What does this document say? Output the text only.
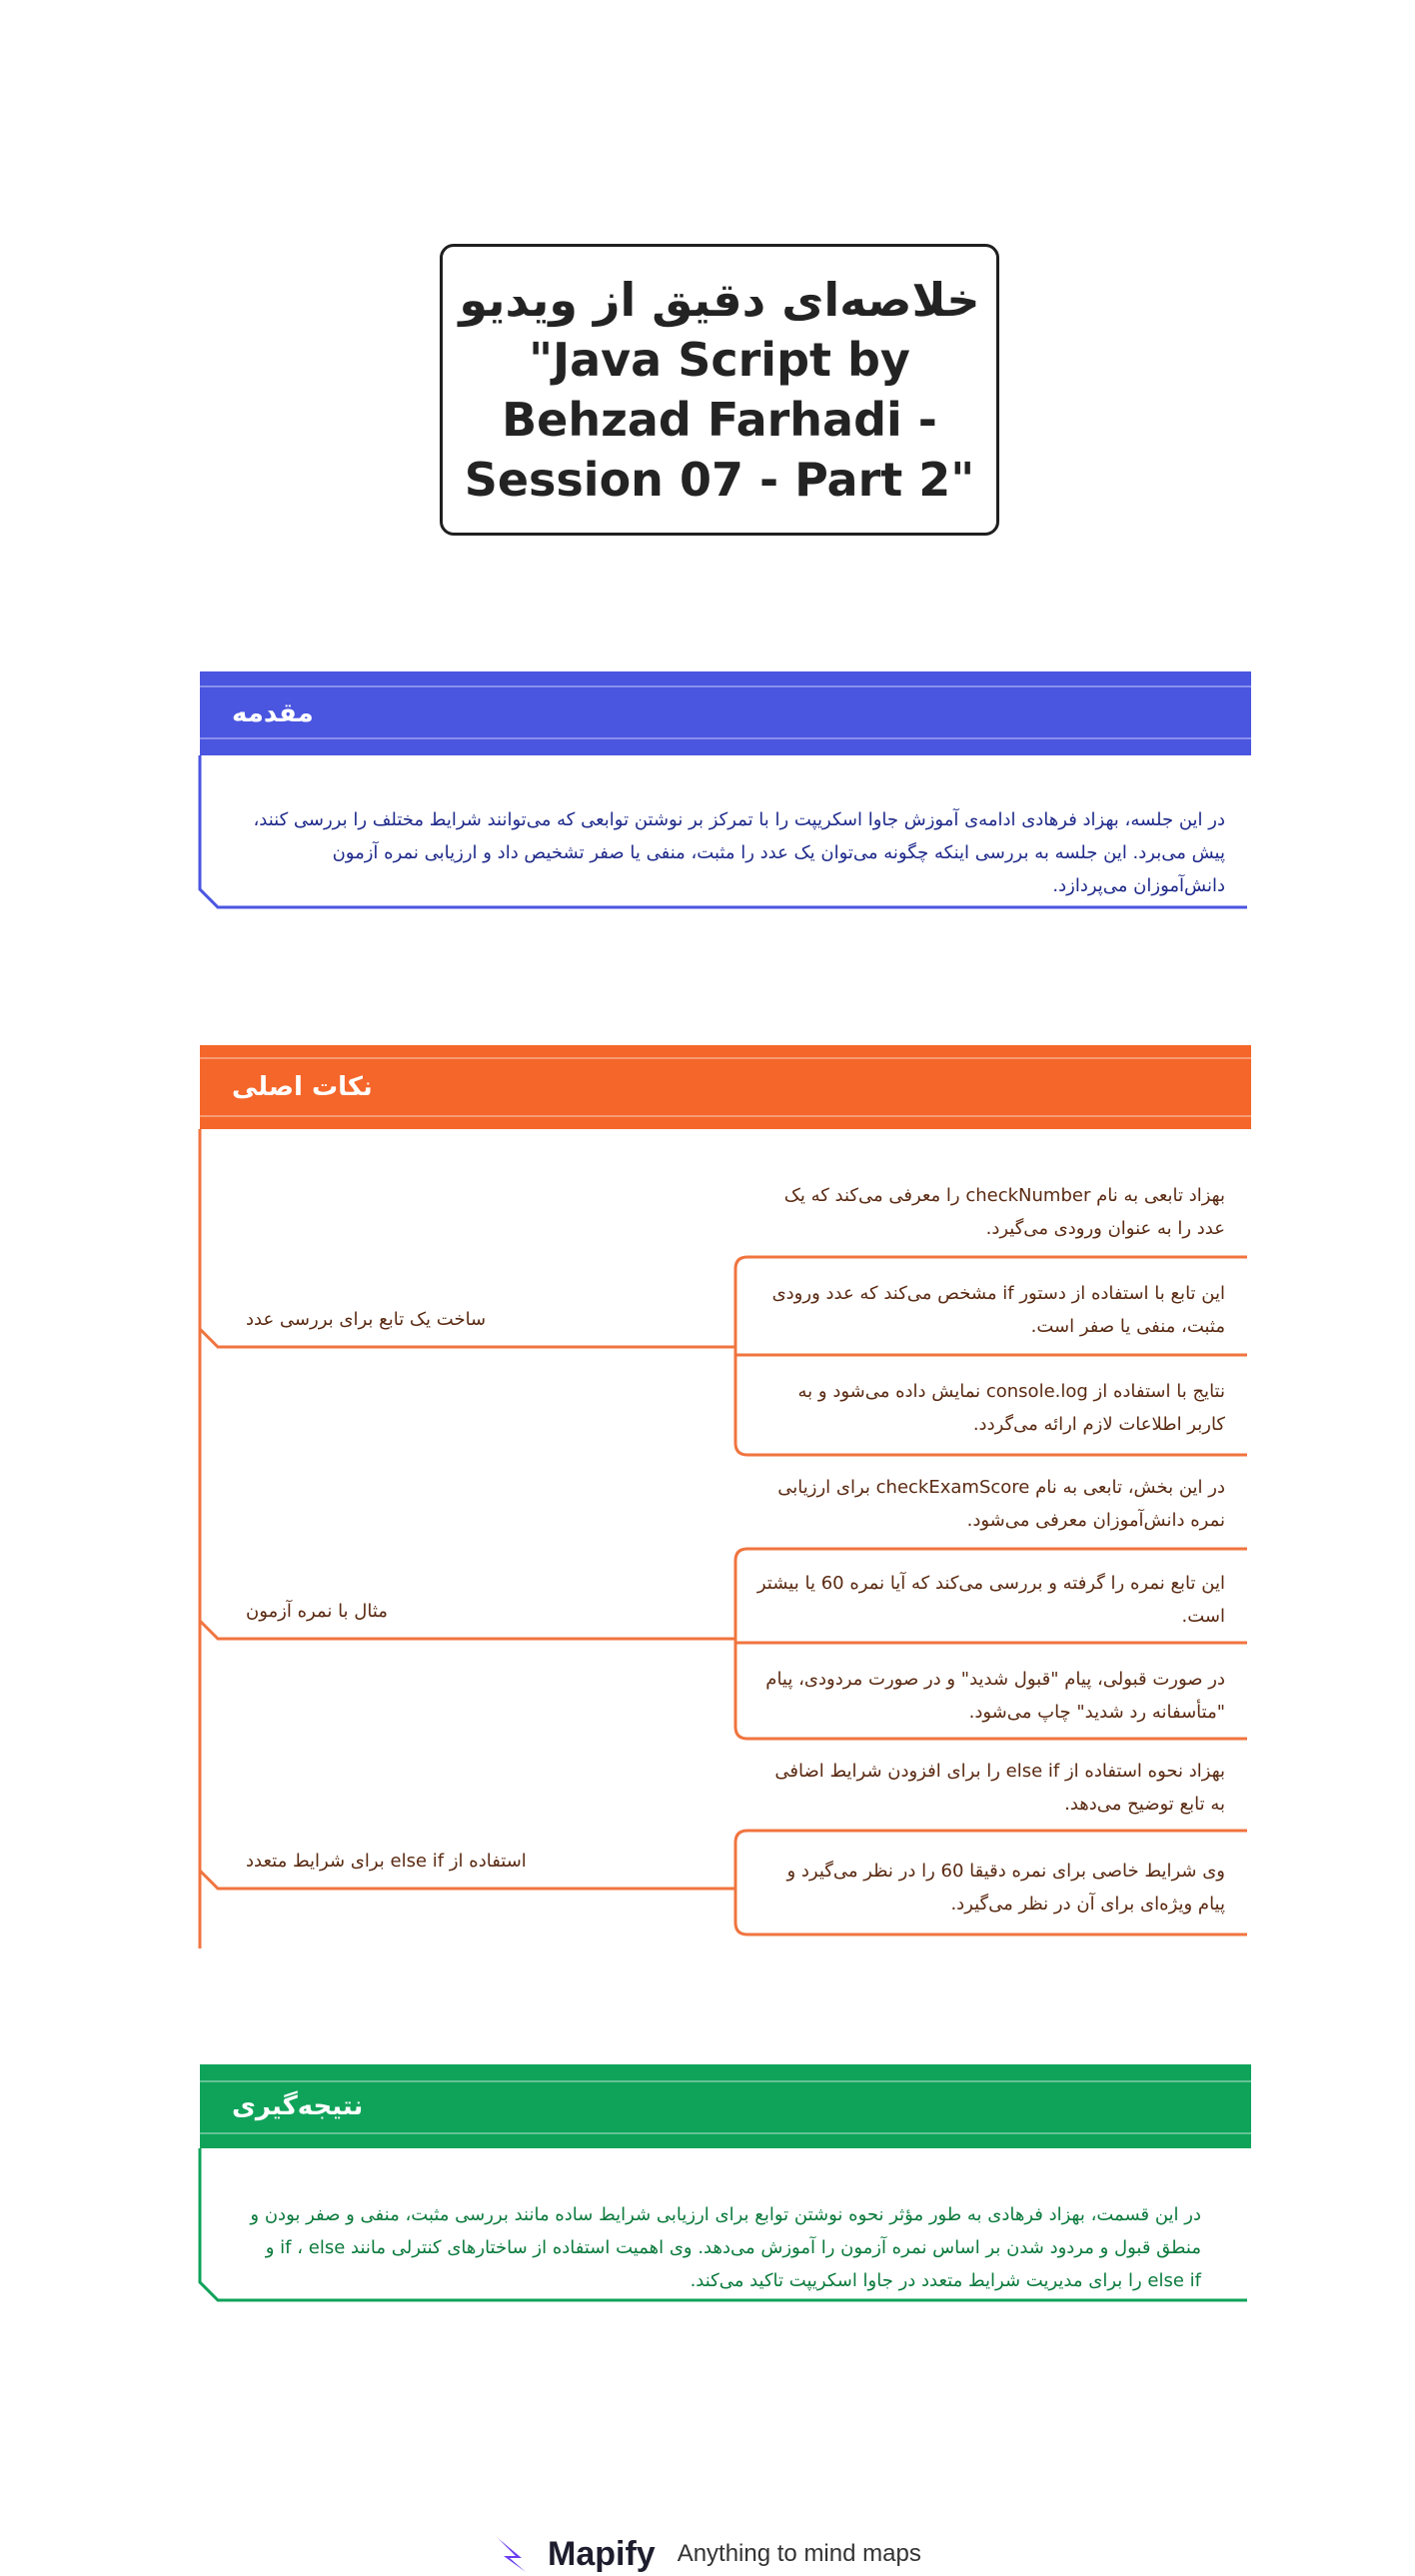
خلاصه‌ای دقیق از ویدیو
"Java Script by
Behzad Farhadi -
Session 07 - Part 2"
مقدمه
در این جلسه، بهزاد فرهادی ادامه‌ی آموزش جاوا اسکریپت را با تمرکز بر نوشتن توابعی که می‌توانند شرایط مختلف را بررسی کنند، پیش می‌برد. این جلسه به بررسی اینکه چگونه می‌توان یک عدد را مثبت، منفی یا صفر تشخیص داد و ارزیابی نمره آزمون دانش‌آموزان می‌پردازد.
نکات اصلی
ساخت یک تابع برای بررسی عدد
مثال با نمره آزمون
استفاده از else if برای شرایط متعدد
بهزاد تابعی به نام checkNumber را معرفی می‌کند که یک عدد را به عنوان ورودی می‌گیرد.
این تابع با استفاده از دستور if مشخص می‌کند که عدد ورودی مثبت، منفی یا صفر است.
نتایج با استفاده از console.log نمایش داده می‌شود و به کاربر اطلاعات لازم ارائه می‌گردد.
در این بخش، تابعی به نام checkExamScore برای ارزیابی نمره دانش‌آموزان معرفی می‌شود.
این تابع نمره را گرفته و بررسی می‌کند که آیا نمره 60 یا بیشتر است.
در صورت قبولی، پیام "قبول شدید" و در صورت مردودی، پیام "متأسفانه رد شدید" چاپ می‌شود.
بهزاد نحوه استفاده از else if را برای افزودن شرایط اضافی به تابع توضیح می‌دهد.
وی شرایط خاصی برای نمره دقیقا 60 را در نظر می‌گیرد و پیام ویژه‌ای برای آن در نظر می‌گیرد.
نتیجه‌گیری
در این قسمت، بهزاد فرهادی به طور مؤثر نحوه نوشتن توابع برای ارزیابی شرایط ساده مانند بررسی مثبت، منفی و صفر بودن و منطق قبول و مردود شدن بر اساس نمره آزمون را آموزش می‌دهد. وی اهمیت استفاده از ساختارهای کنترلی مانند if ، else و else if را برای مدیریت شرایط متعدد در جاوا اسکریپت تاکید می‌کند.
Mapify Anything to mind maps
